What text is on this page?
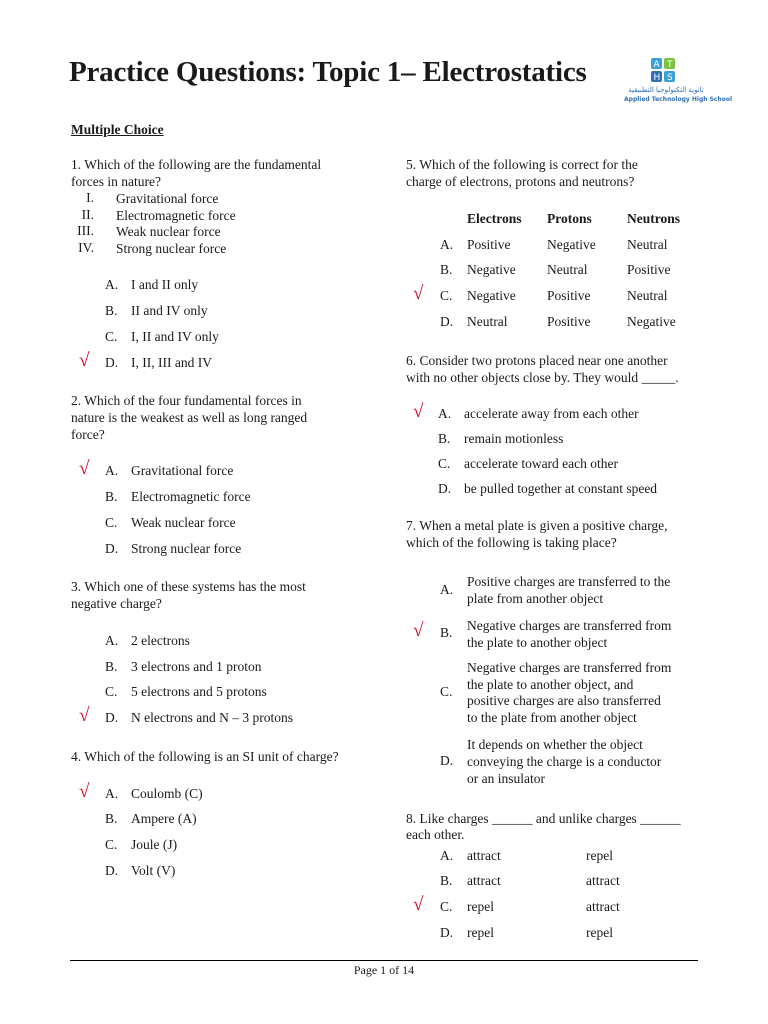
Practice Questions: Topic 1– Electrostatics	A T
H S
ثانوية التكنولوجيا التطبيقية
Applied Technology High School
Multiple Choice
1. Which of the following are the fundamental
forces in nature?
I. Gravitational force
II. Electromagnetic force
III. Weak nuclear force
IV. Strong nuclear force
A. I and II only
B. II and IV only
C. I, II and IV only
√ D. I, II, III and IV
2. Which of the four fundamental forces in
nature is the weakest as well as long ranged
force?
√ A. Gravitational force
B. Electromagnetic force
C. Weak nuclear force
D. Strong nuclear force
3. Which one of these systems has the most
negative charge?
A. 2 electrons
B. 3 electrons and 1 proton
C. 5 electrons and 5 protons
√ D. N electrons and N – 3 protons
4. Which of the following is an SI unit of charge?
√ A. Coulomb (C)
B. Ampere (A)
C. Joule (J)
D. Volt (V)
5. Which of the following is correct for the
charge of electrons, protons and neutrons?
Electrons Protons	Neutrons
A. Positive	Negative Neutral
B. Negative Neutral	Positive
√ C. Negative Positive	Neutral
D. Neutral	Positive	Negative
6. Consider two protons placed near one another
with no other objects close by. They would _____.
√ A. accelerate away from each other
B. remain motionless
C. accelerate toward each other
D. be pulled together at constant speed
7. When a metal plate is given a positive charge,
which of the following is taking place?
A.
Positive charges are transferred to the
plate from another object
√ B. Negative charges are transferred from
the plate to another object
C.
Negative charges are transferred from
the plate to another object, and
positive charges are also transferred
to the plate from another object
D.
It depends on whether the object
conveying the charge is a conductor
or an insulator
8. Like charges ______ and unlike charges ______
each other.
A. attract	repel
B. attract	attract
√ C. repel	attract
D. repel	repel
Page 1 of 14
